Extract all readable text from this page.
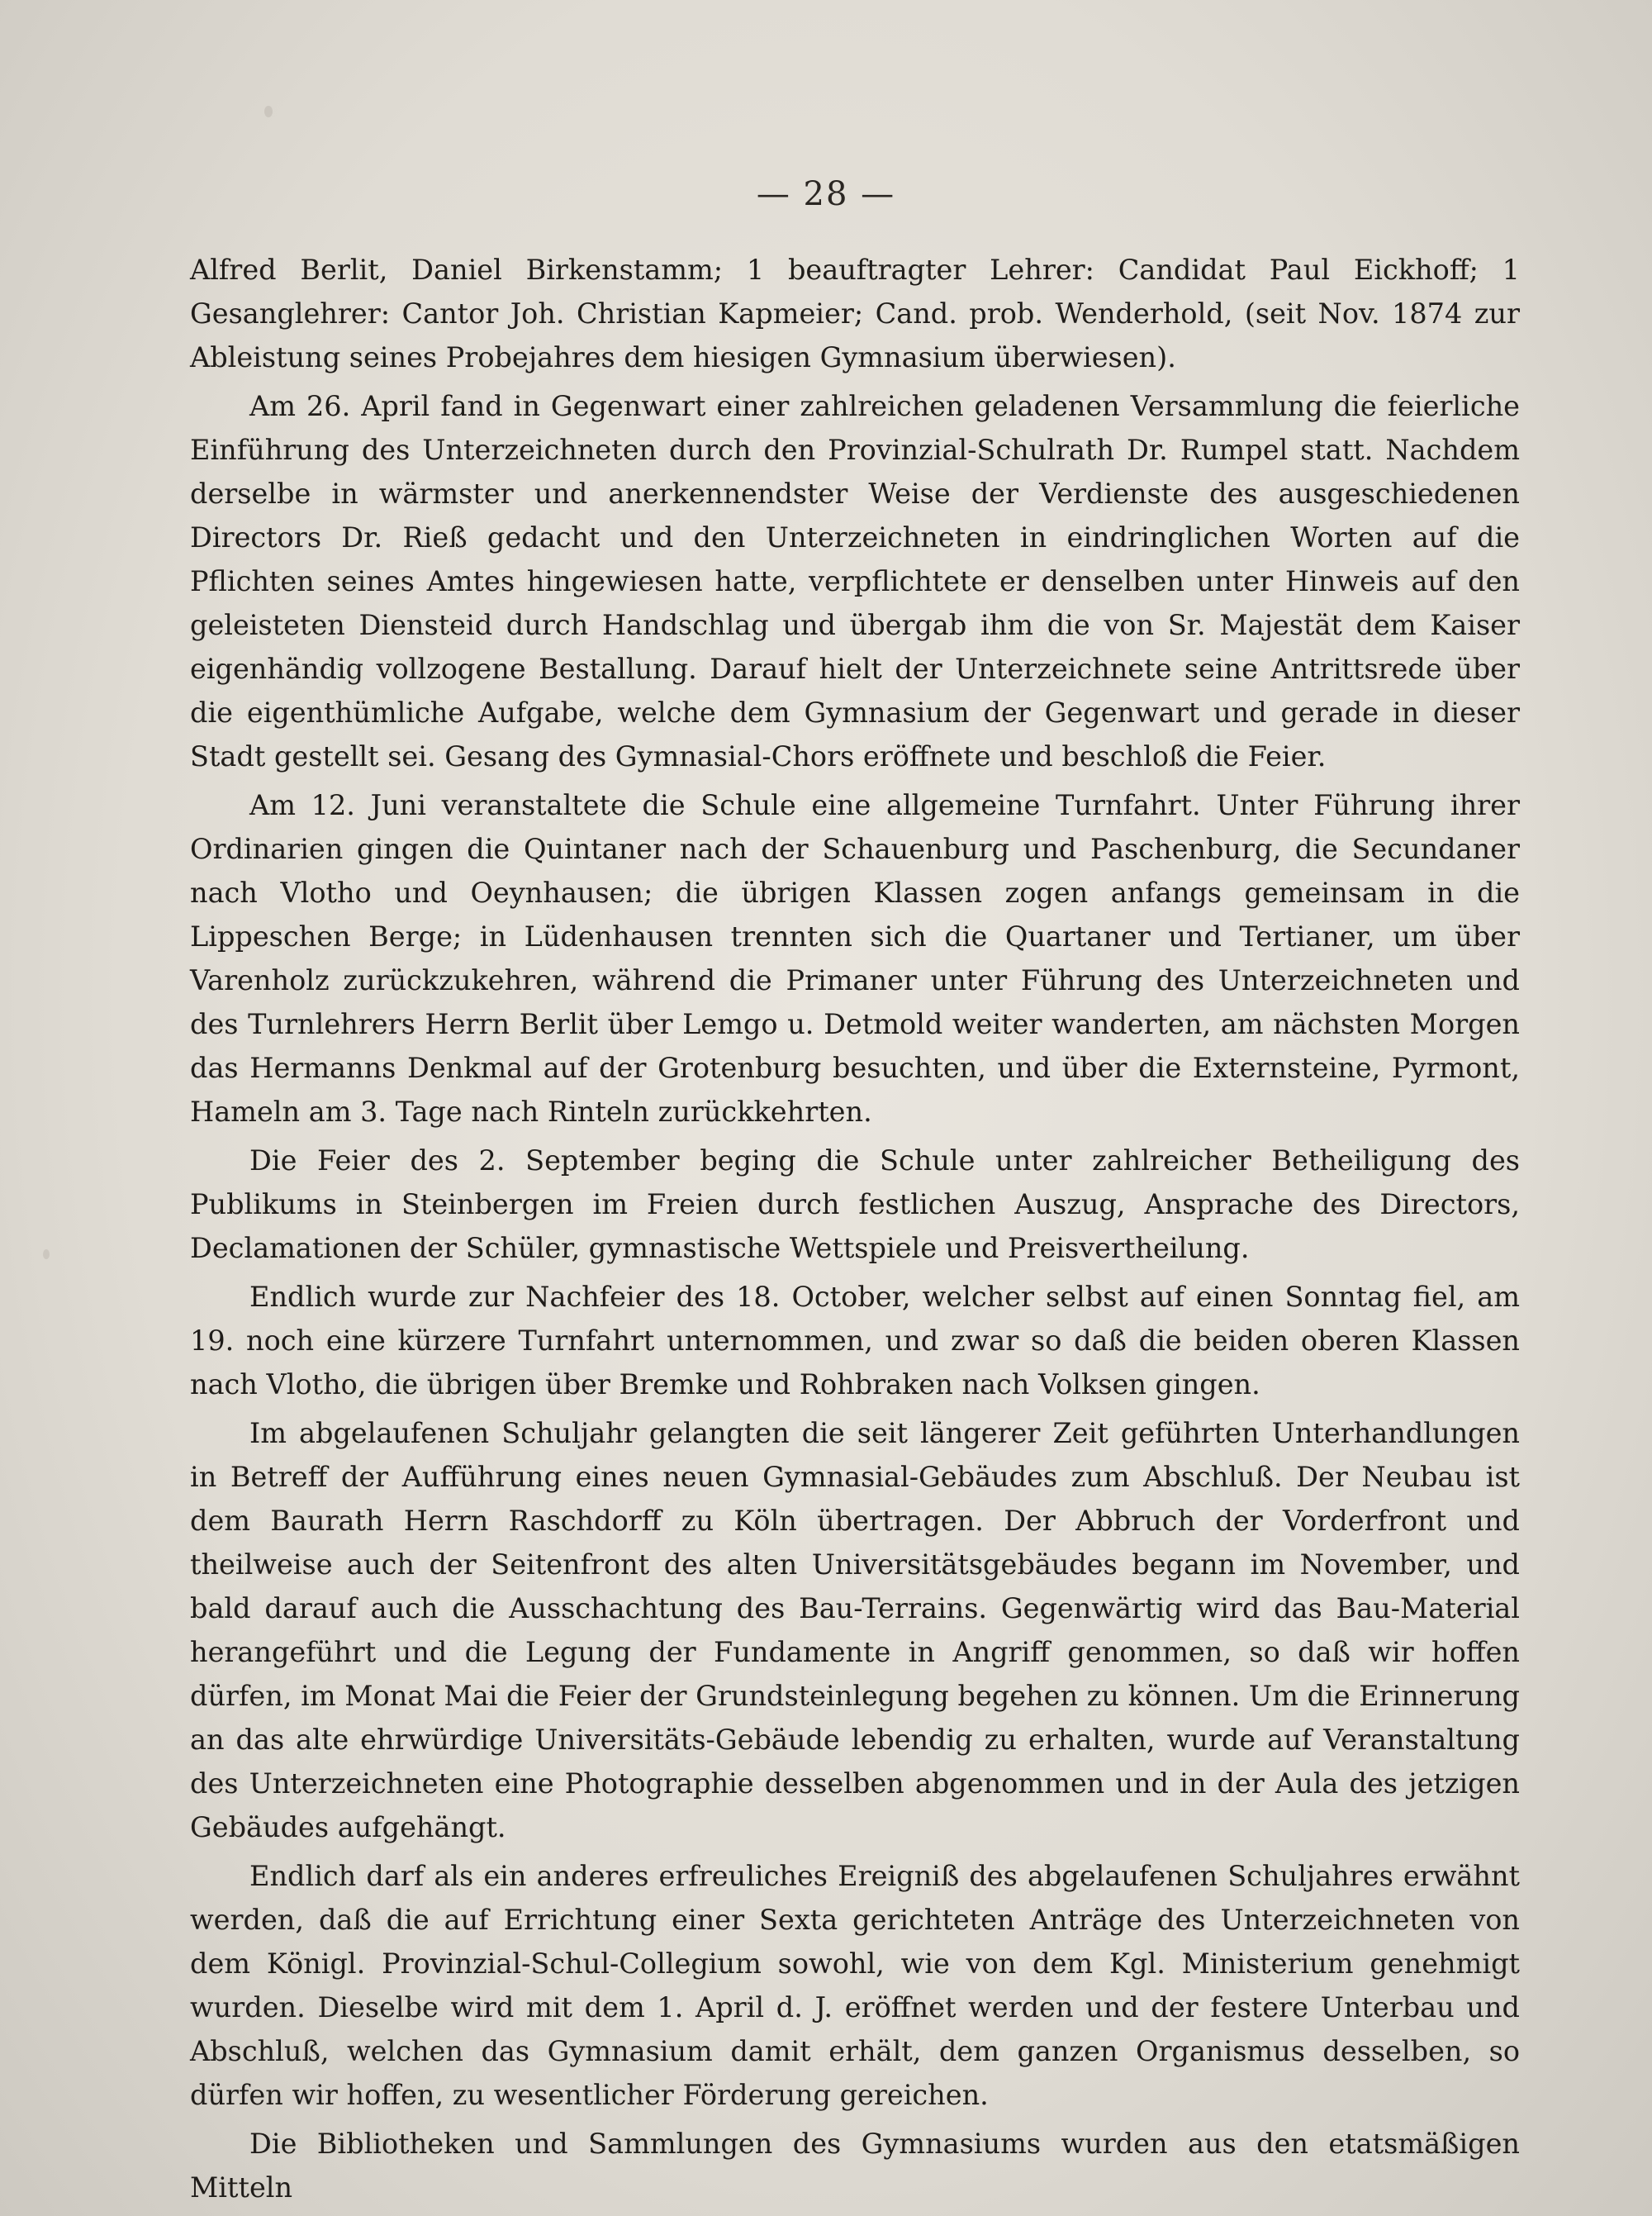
— 28 —

Alfred Berlit, Daniel Birkenstamm; 1 beauftragter Lehrer: Candidat Paul Eickhoff; 1 Gesanglehrer: Cantor Joh. Christian Kapmeier; Cand. prob. Wenderhold, (seit Nov. 1874 zur Ableistung seines Probejahres dem hiesigen Gymnasium überwiesen).

Am 26. April fand in Gegenwart einer zahlreichen geladenen Versammlung die feierliche Einführung des Unterzeichneten durch den Provinzial-Schulrath Dr. Rumpel statt. Nachdem derselbe in wärmster und anerkennendster Weise der Verdienste des ausgeschiedenen Directors Dr. Rieß gedacht und den Unterzeichneten in eindringlichen Worten auf die Pflichten seines Amtes hingewiesen hatte, verpflichtete er denselben unter Hinweis auf den geleisteten Diensteid durch Handschlag und übergab ihm die von Sr. Majestät dem Kaiser eigenhändig vollzogene Bestallung. Darauf hielt der Unterzeichnete seine Antrittsrede über die eigenthümliche Aufgabe, welche dem Gymnasium der Gegenwart und gerade in dieser Stadt gestellt sei. Gesang des Gymnasial-Chors eröffnete und beschloß die Feier.

Am 12. Juni veranstaltete die Schule eine allgemeine Turnfahrt. Unter Führung ihrer Ordinarien gingen die Quintaner nach der Schauenburg und Paschenburg, die Secundaner nach Vlotho und Oeynhausen; die übrigen Klassen zogen anfangs gemeinsam in die Lippeschen Berge; in Lüdenhausen trennten sich die Quartaner und Tertianer, um über Varenholz zurückzukehren, während die Primaner unter Führung des Unterzeichneten und des Turnlehrers Herrn Berlit über Lemgo u. Detmold weiter wanderten, am nächsten Morgen das Hermanns Denkmal auf der Grotenburg besuchten, und über die Externsteine, Pyrmont, Hameln am 3. Tage nach Rinteln zurückkehrten.

Die Feier des 2. September beging die Schule unter zahlreicher Betheiligung des Publikums in Steinbergen im Freien durch festlichen Auszug, Ansprache des Directors, Declamationen der Schüler, gymnastische Wettspiele und Preisvertheilung.

Endlich wurde zur Nachfeier des 18. October, welcher selbst auf einen Sonntag fiel, am 19. noch eine kürzere Turnfahrt unternommen, und zwar so daß die beiden oberen Klassen nach Vlotho, die übrigen über Bremke und Rohbraken nach Volksen gingen.

Im abgelaufenen Schuljahr gelangten die seit längerer Zeit geführten Unterhandlungen in Betreff der Aufführung eines neuen Gymnasial-Gebäudes zum Abschluß. Der Neubau ist dem Baurath Herrn Raschdorff zu Köln übertragen. Der Abbruch der Vorderfront und theilweise auch der Seitenfront des alten Universitätsgebäudes begann im November, und bald darauf auch die Ausschachtung des Bau-Terrains. Gegenwärtig wird das Bau-Material herangeführt und die Legung der Fundamente in Angriff genommen, so daß wir hoffen dürfen, im Monat Mai die Feier der Grundsteinlegung begehen zu können. Um die Erinnerung an das alte ehrwürdige Universitäts-Gebäude lebendig zu erhalten, wurde auf Veranstaltung des Unterzeichneten eine Photographie desselben abgenommen und in der Aula des jetzigen Gebäudes aufgehängt.

Endlich darf als ein anderes erfreuliches Ereigniß des abgelaufenen Schuljahres erwähnt werden, daß die auf Errichtung einer Sexta gerichteten Anträge des Unterzeichneten von dem Königl. Provinzial-Schul-Collegium sowohl, wie von dem Kgl. Ministerium genehmigt wurden. Dieselbe wird mit dem 1. April d. J. eröffnet werden und der festere Unterbau und Abschluß, welchen das Gymnasium damit erhält, dem ganzen Organismus desselben, so dürfen wir hoffen, zu wesentlicher Förderung gereichen.

Die Bibliotheken und Sammlungen des Gymnasiums wurden aus den etatsmäßigen Mitteln
